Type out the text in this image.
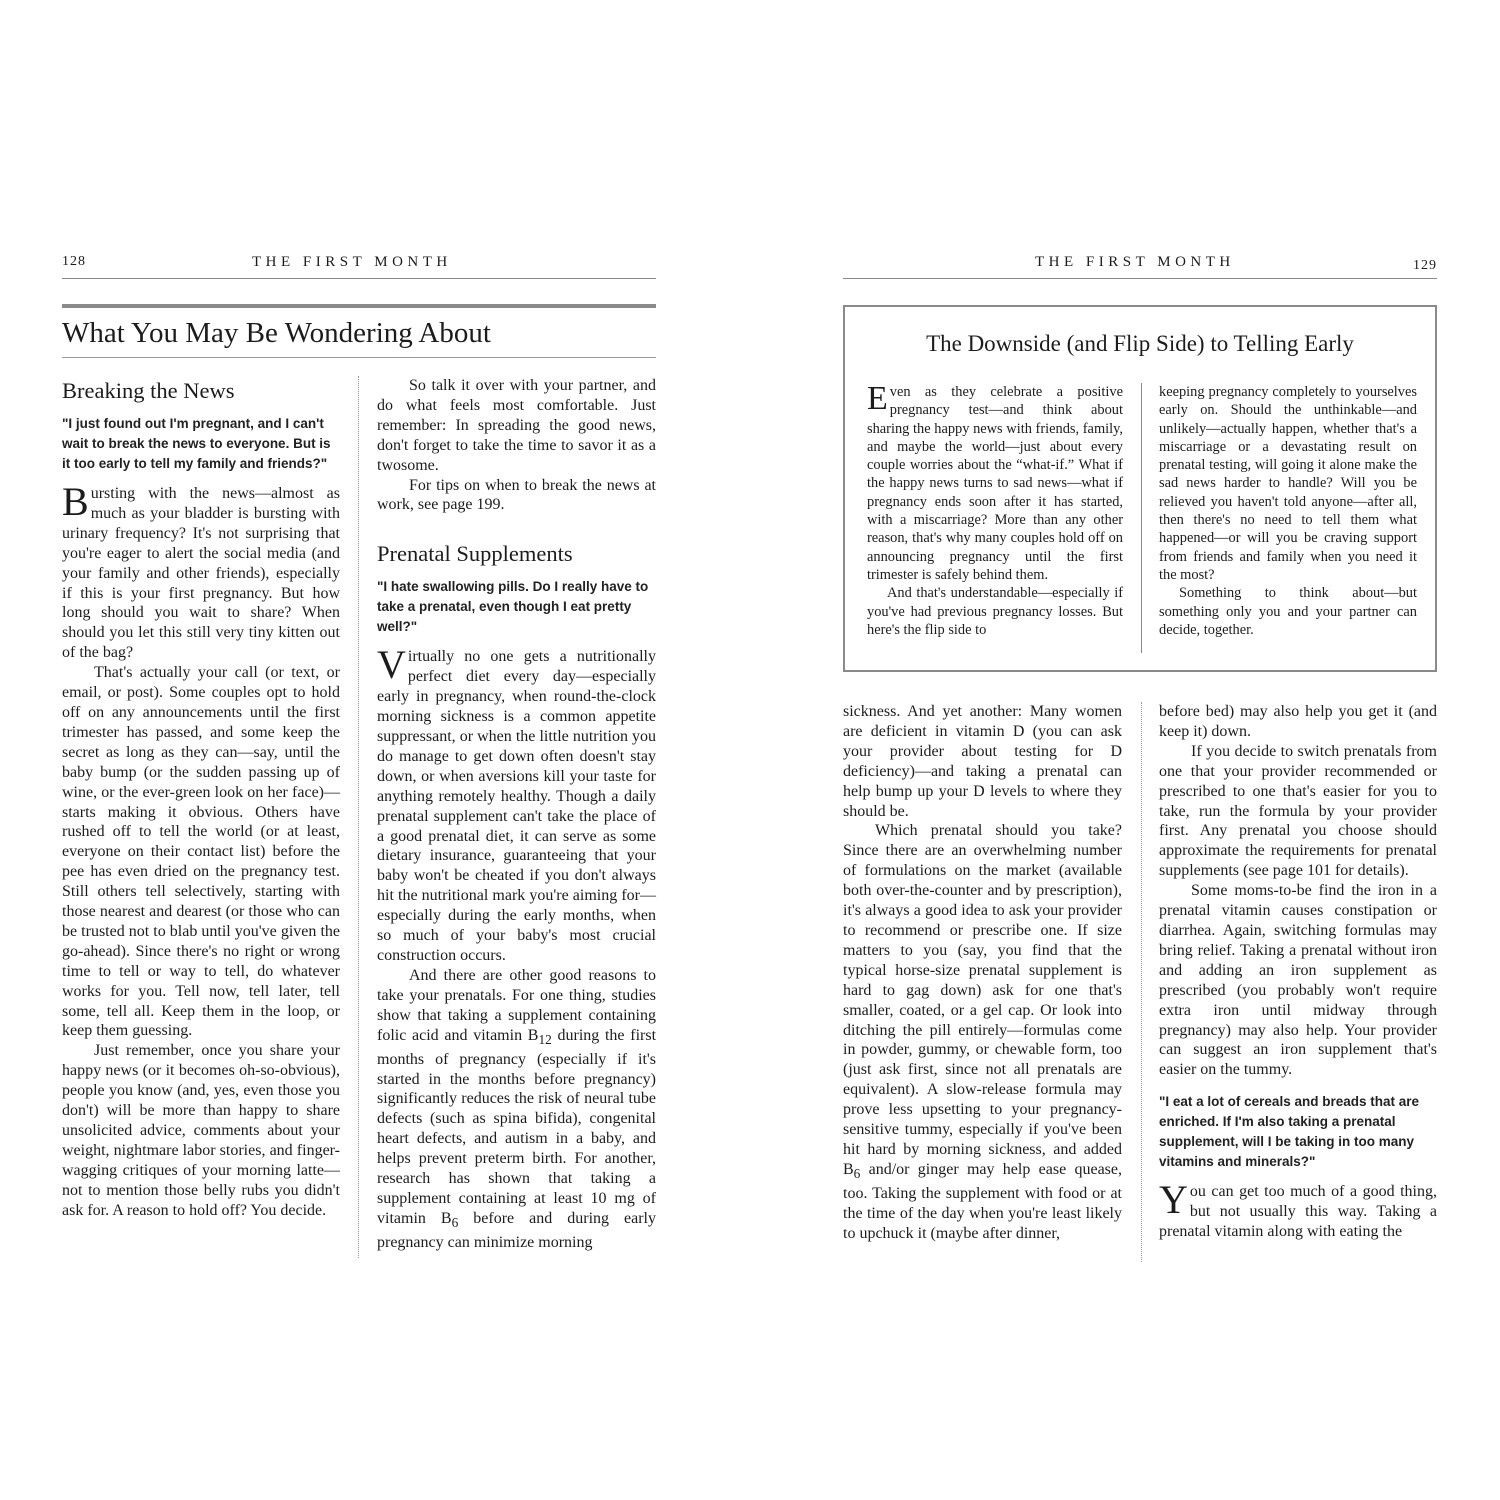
128	THE FIRST MONTH
What You May Be Wondering About
Breaking the News
"I just found out I'm pregnant, and I can't wait to break the news to everyone. But is it too early to tell my family and friends?"

Bursting with the news—almost as much as your bladder is bursting with urinary frequency? It's not surprising that you're eager to alert the social media (and your family and other friends), especially if this is your first pregnancy. But how long should you wait to share? When should you let this still very tiny kitten out of the bag?

That's actually your call (or text, or email, or post). Some couples opt to hold off on any announcements until the first trimester has passed, and some keep the secret as long as they can—say, until the baby bump (or the sudden passing up of wine, or the ever-green look on her face)—starts making it obvious. Others have rushed off to tell the world (or at least, everyone on their contact list) before the pee has even dried on the pregnancy test. Still others tell selectively, starting with those nearest and dearest (or those who can be trusted not to blab until you've given the go-ahead). Since there's no right or wrong time to tell or way to tell, do whatever works for you. Tell now, tell later, tell some, tell all. Keep them in the loop, or keep them guessing.

Just remember, once you share your happy news (or it becomes oh-so-obvious), people you know (and, yes, even those you don't) will be more than happy to share unsolicited advice, comments about your weight, nightmare labor stories, and finger-wagging critiques of your morning latte—not to mention those belly rubs you didn't ask for. A reason to hold off? You decide.

So talk it over with your partner, and do what feels most comfortable. Just remember: In spreading the good news, don't forget to take the time to savor it as a twosome.

For tips on when to break the news at work, see page 199.

Prenatal Supplements
"I hate swallowing pills. Do I really have to take a prenatal, even though I eat pretty well?"

Virtually no one gets a nutritionally perfect diet every day—especially early in pregnancy, when round-the-clock morning sickness is a common appetite suppressant, or when the little nutrition you do manage to get down often doesn't stay down, or when aversions kill your taste for anything remotely healthy. Though a daily prenatal supplement can't take the place of a good prenatal diet, it can serve as some dietary insurance, guaranteeing that your baby won't be cheated if you don't always hit the nutritional mark you're aiming for—especially during the early months, when so much of your baby's most crucial construction occurs.

And there are other good reasons to take your prenatals. For one thing, studies show that taking a supplement containing folic acid and vitamin $B_{12}$ during the first months of pregnancy (especially if it's started in the months before pregnancy) significantly reduces the risk of neural tube defects (such as spina bifida), congenital heart defects, and autism in a baby, and helps prevent preterm birth. For another, research has shown that taking a supplement containing at least 10 mg of vitamin $B_6$ before and during early pregnancy can minimize morning

THE FIRST MONTH	129
The Downside (and Flip Side) to Telling Early

Even as they celebrate a positive pregnancy test—and think about sharing the happy news with friends, family, and maybe the world—just about every couple worries about the “what-if.” What if the happy news turns to sad news—what if pregnancy ends soon after it has started, with a miscarriage? More than any other reason, that's why many couples hold off on announcing pregnancy until the first trimester is safely behind them.

And that's understandable—especially if you've had previous pregnancy losses. But here's the flip side to

keeping pregnancy completely to yourselves early on. Should the unthinkable—and unlikely—actually happen, whether that's a miscarriage or a devastating result on prenatal testing, will going it alone make the sad news harder to handle? Will you be relieved you haven't told anyone—after all, then there's no need to tell them what happened—or will you be craving support from friends and family when you need it the most?

Something to think about—but something only you and your partner can decide, together.

sickness. And yet another: Many women are deficient in vitamin D (you can ask your provider about testing for D deficiency)—and taking a prenatal can help bump up your D levels to where they should be.

Which prenatal should you take? Since there are an overwhelming number of formulations on the market (available both over-the-counter and by prescription), it's always a good idea to ask your provider to recommend or prescribe one. If size matters to you (say, you find that the typical horse-size prenatal supplement is hard to gag down) ask for one that's smaller, coated, or a gel cap. Or look into ditching the pill entirely—formulas come in powder, gummy, or chewable form, too (just ask first, since not all prenatals are equivalent). A slow-release formula may prove less upsetting to your pregnancy-sensitive tummy, especially if you've been hit hard by morning sickness, and added $B_6$ and/or ginger may help ease quease, too. Taking the supplement with food or at the time of the day when you're least likely to upchuck it (maybe after dinner,

before bed) may also help you get it (and keep it) down.

If you decide to switch prenatals from one that your provider recommended or prescribed to one that's easier for you to take, run the formula by your provider first. Any prenatal you choose should approximate the requirements for prenatal supplements (see page 101 for details).

Some moms-to-be find the iron in a prenatal vitamin causes constipation or diarrhea. Again, switching formulas may bring relief. Taking a prenatal without iron and adding an iron supplement as prescribed (you probably won't require extra iron until midway through pregnancy) may also help. Your provider can suggest an iron supplement that's easier on the tummy.

"I eat a lot of cereals and breads that are enriched. If I'm also taking a prenatal supplement, will I be taking in too many vitamins and minerals?"

You can get too much of a good thing, but not usually this way. Taking a prenatal vitamin along with eating the
